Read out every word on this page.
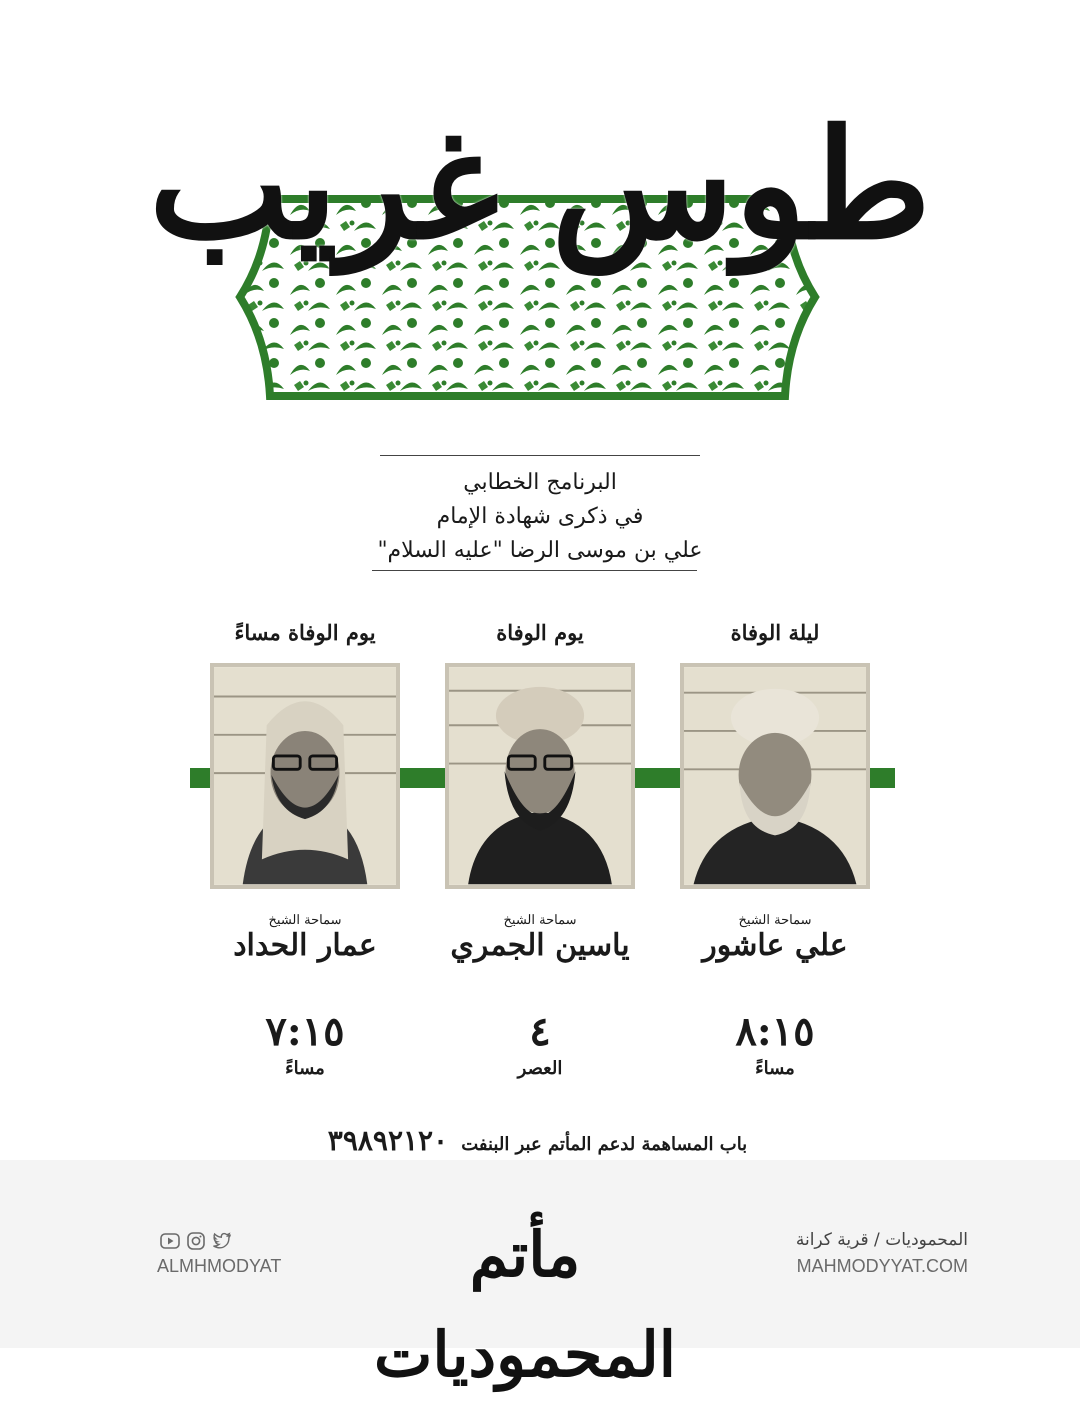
طوس غريب
البرنامج الخطابي
في ذكرى شهادة الإمام
علي بن موسى الرضا "عليه السلام"
يوم الوفاة مساءً
سماحة الشيخ
عمار الحداد
٧:١٥
مساءً
يوم الوفاة
سماحة الشيخ
ياسين الجمري
٤
العصر
ليلة الوفاة
سماحة الشيخ
علي عاشور
٨:١٥
مساءً
باب المساهمة لدعم المأتم عبر البنفت ٣٩٨٩٢١٢٠
ALMHMODYAT	مأتم المحموديات
المحموديات / قرية كرانة
MAHMODYYAT.COM
